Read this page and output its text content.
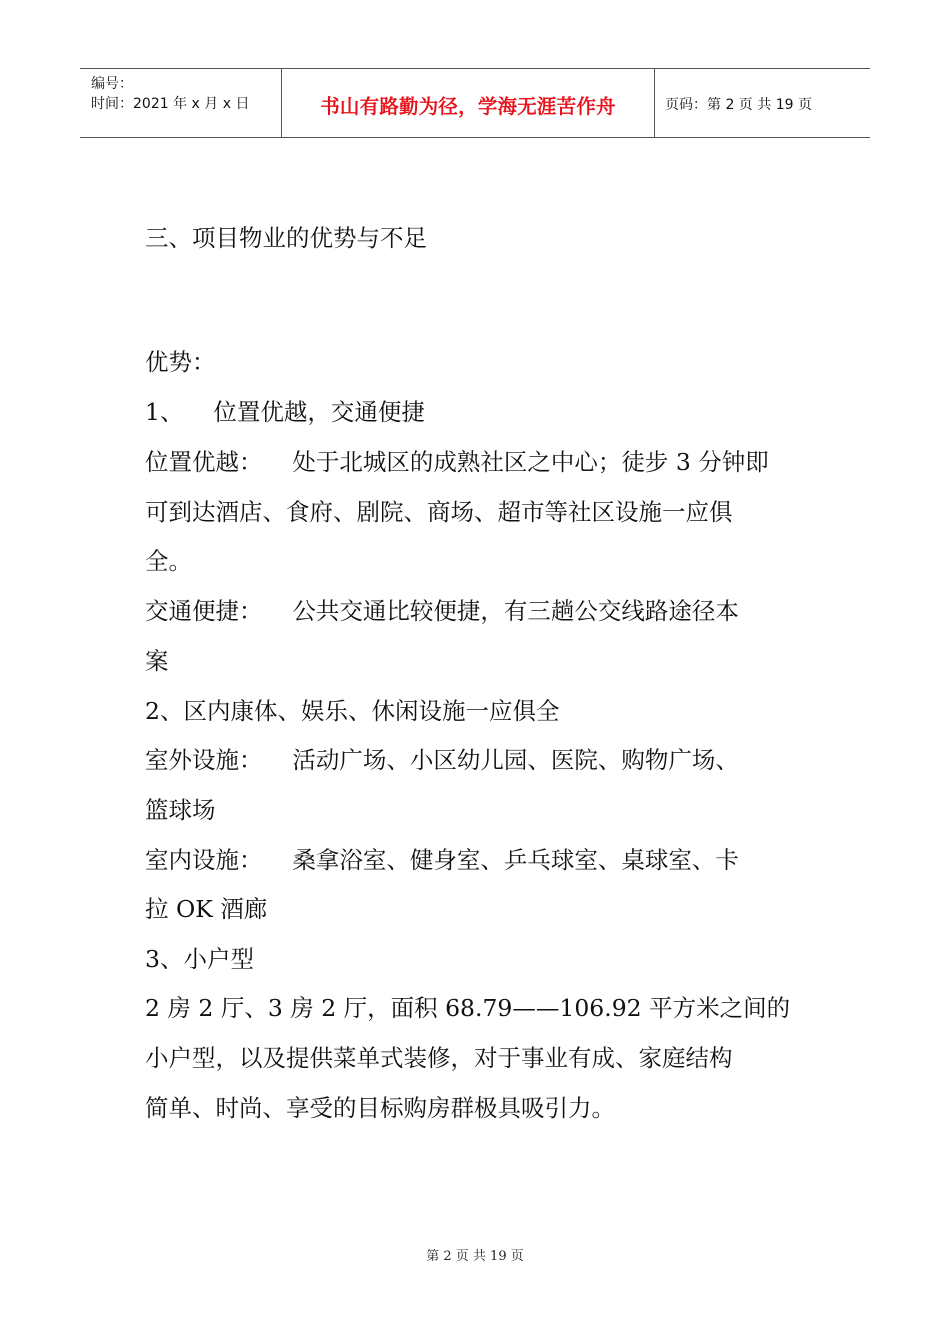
编号：
时间：2021 年 x 月 x 日	书山有路勤为径，学海无涯苦作舟	页码：第 2 页 共 19 页
三、项目物业的优势与不足
优势：
1、    位置优越，交通便捷
位置优越：    处于北城区的成熟社区之中心；徒步 3 分钟即
可到达酒店、食府、剧院、商场、超市等社区设施一应俱
全。
交通便捷：    公共交通比较便捷，有三趟公交线路途径本
案
2、区内康体、娱乐、休闲设施一应俱全
室外设施：    活动广场、小区幼儿园、医院、购物广场、
篮球场
室内设施：    桑拿浴室、健身室、乒乓球室、桌球室、卡
拉 OK 酒廊
3、小户型
2 房 2 厅、3 房 2 厅，面积 68.79——106.92 平方米之间的
小户型，以及提供菜单式装修，对于事业有成、家庭结构
简单、时尚、享受的目标购房群极具吸引力。
第 2 页 共 19 页
